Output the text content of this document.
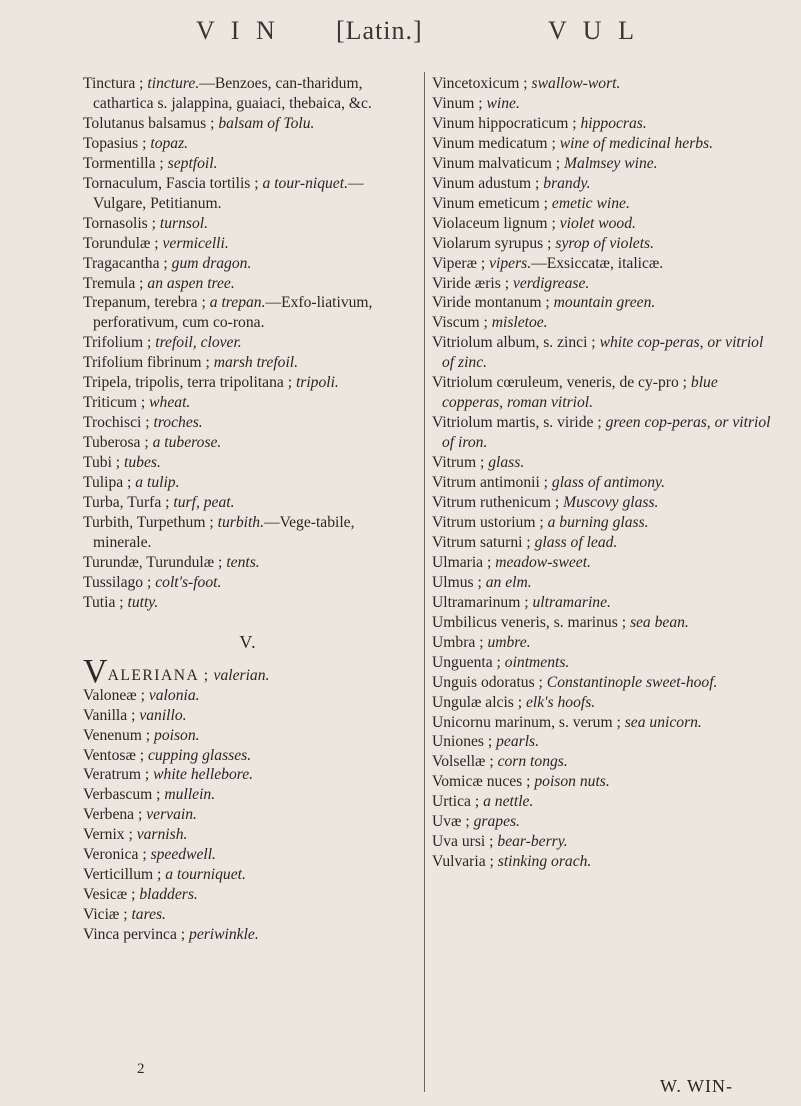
V I N [Latin.]	V U L
Tinctura ; tincture.—Benzoes, can-tharidum, cathartica s. jalappina, guaiaci, thebaica, &c.
Tolutanus balsamus ; balsam of Tolu.
Topasius ; topaz.
Tormentilla ; septfoil.
Tornaculum, Fascia tortilis ; a tour-niquet.—Vulgare, Petitianum.
Tornasolis ; turnsol.
Torundulæ ; vermicelli.
Tragacantha ; gum dragon.
Tremula ; an aspen tree.
Trepanum, terebra ; a trepan.—Exfo-liativum, perforativum, cum co-rona.
Trifolium ; trefoil, clover.
Trifolium fibrinum ; marsh trefoil.
Tripela, tripolis, terra tripolitana ; tripoli.
Triticum ; wheat.
Trochisci ; troches.
Tuberosa ; a tuberose.
Tubi ; tubes.
Tulipa ; a tulip.
Turba, Turfa ; turf, peat.
Turbith, Turpethum ; turbith.—Vege-tabile, minerale.
Turundæ, Turundulæ ; tents.
Tussilago ; colt's-foot.
Tutia ; tutty.
V.
VALERIANA ; valerian.
Valoneæ ; valonia.
Vanilla ; vanillo.
Venenum ; poison.
Ventosæ ; cupping glasses.
Veratrum ; white hellebore.
Verbascum ; mullein.
Verbena ; vervain.
Vernix ; varnish.
Veronica ; speedwell.
Verticillum ; a tourniquet.
Vesicæ ; bladders.
Viciæ ; tares.
Vinca pervinca ; periwinkle.
Vincetoxicum ; swallow-wort.
Vinum ; wine.
Vinum hippocraticum ; hippocras.
Vinum medicatum ; wine of medicinal herbs.
Vinum malvaticum ; Malmsey wine.
Vinum adustum ; brandy.
Vinum emeticum ; emetic wine.
Violaceum lignum ; violet wood.
Violarum syrupus ; syrop of violets.
Viperæ ; vipers.—Exsiccatæ, italicæ.
Viride æris ; verdigrease.
Viride montanum ; mountain green.
Viscum ; misletoe.
Vitriolum album, s. zinci ; white cop-peras, or vitriol of zinc.
Vitriolum cœruleum, veneris, de cy-pro ; blue copperas, roman vitriol.
Vitriolum martis, s. viride ; green cop-peras, or vitriol of iron.
Vitrum ; glass.
Vitrum antimonii ; glass of antimony.
Vitrum ruthenicum ; Muscovy glass.
Vitrum ustorium ; a burning glass.
Vitrum saturni ; glass of lead.
Ulmaria ; meadow-sweet.
Ulmus ; an elm.
Ultramarinum ; ultramarine.
Umbilicus veneris, s. marinus ; sea bean.
Umbra ; umbre.
Unguenta ; ointments.
Unguis odoratus ; Constantinople sweet-hoof.
Ungulæ alcis ; elk's hoofs.
Unicornu marinum, s. verum ; sea unicorn.
Uniones ; pearls.
Volsellæ ; corn tongs.
Vomicæ nuces ; poison nuts.
Urtica ; a nettle.
Uvæ ; grapes.
Uva ursi ; bear-berry.
Vulvaria ; stinking orach.
2
W. WIN-
